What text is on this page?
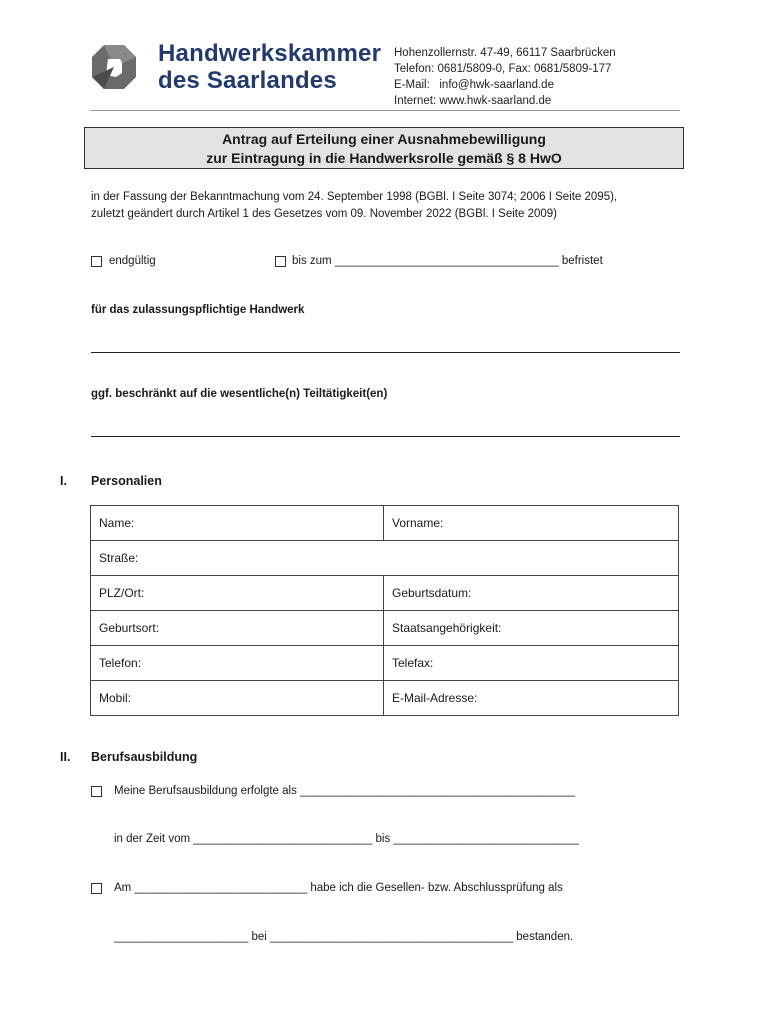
Handwerkskammer
des Saarlandes
Hohenzollernstr. 47-49, 66117 Saarbrücken
Telefon: 0681/5809-0, Fax: 0681/5809-177
E-Mail:   info@hwk-saarland.de
Internet: www.hwk-saarland.de
Antrag auf Erteilung einer Ausnahmebewilligung
zur Eintragung in die Handwerksrolle gemäß § 8 HwO
in der Fassung der Bekanntmachung vom 24. September 1998 (BGBl. I Seite 3074; 2006 I Seite 2095),
zuletzt geändert durch Artikel 1 des Gesetzes vom 09. November 2022 (BGBl. I Seite 2009)
endgültig	bis zum ___________________________________ befristet
für das zulassungspflichtige Handwerk
ggf. beschränkt auf die wesentliche(n) Teiltätigkeit(en)
I. Personalien
Name:	Vorname:
Straße:	
PLZ/Ort:	Geburtsdatum:
Geburtsort:	Staatsangehörigkeit:
Telefon:	Telefax:
Mobil:	E-Mail-Adresse:
II. Berufsausbildung
Meine Berufsausbildung erfolgte als ___________________________________________
in der Zeit vom ____________________________ bis _____________________________
Am ___________________________ habe ich die Gesellen- bzw. Abschlussprüfung als
_____________________ bei ______________________________________ bestanden.
